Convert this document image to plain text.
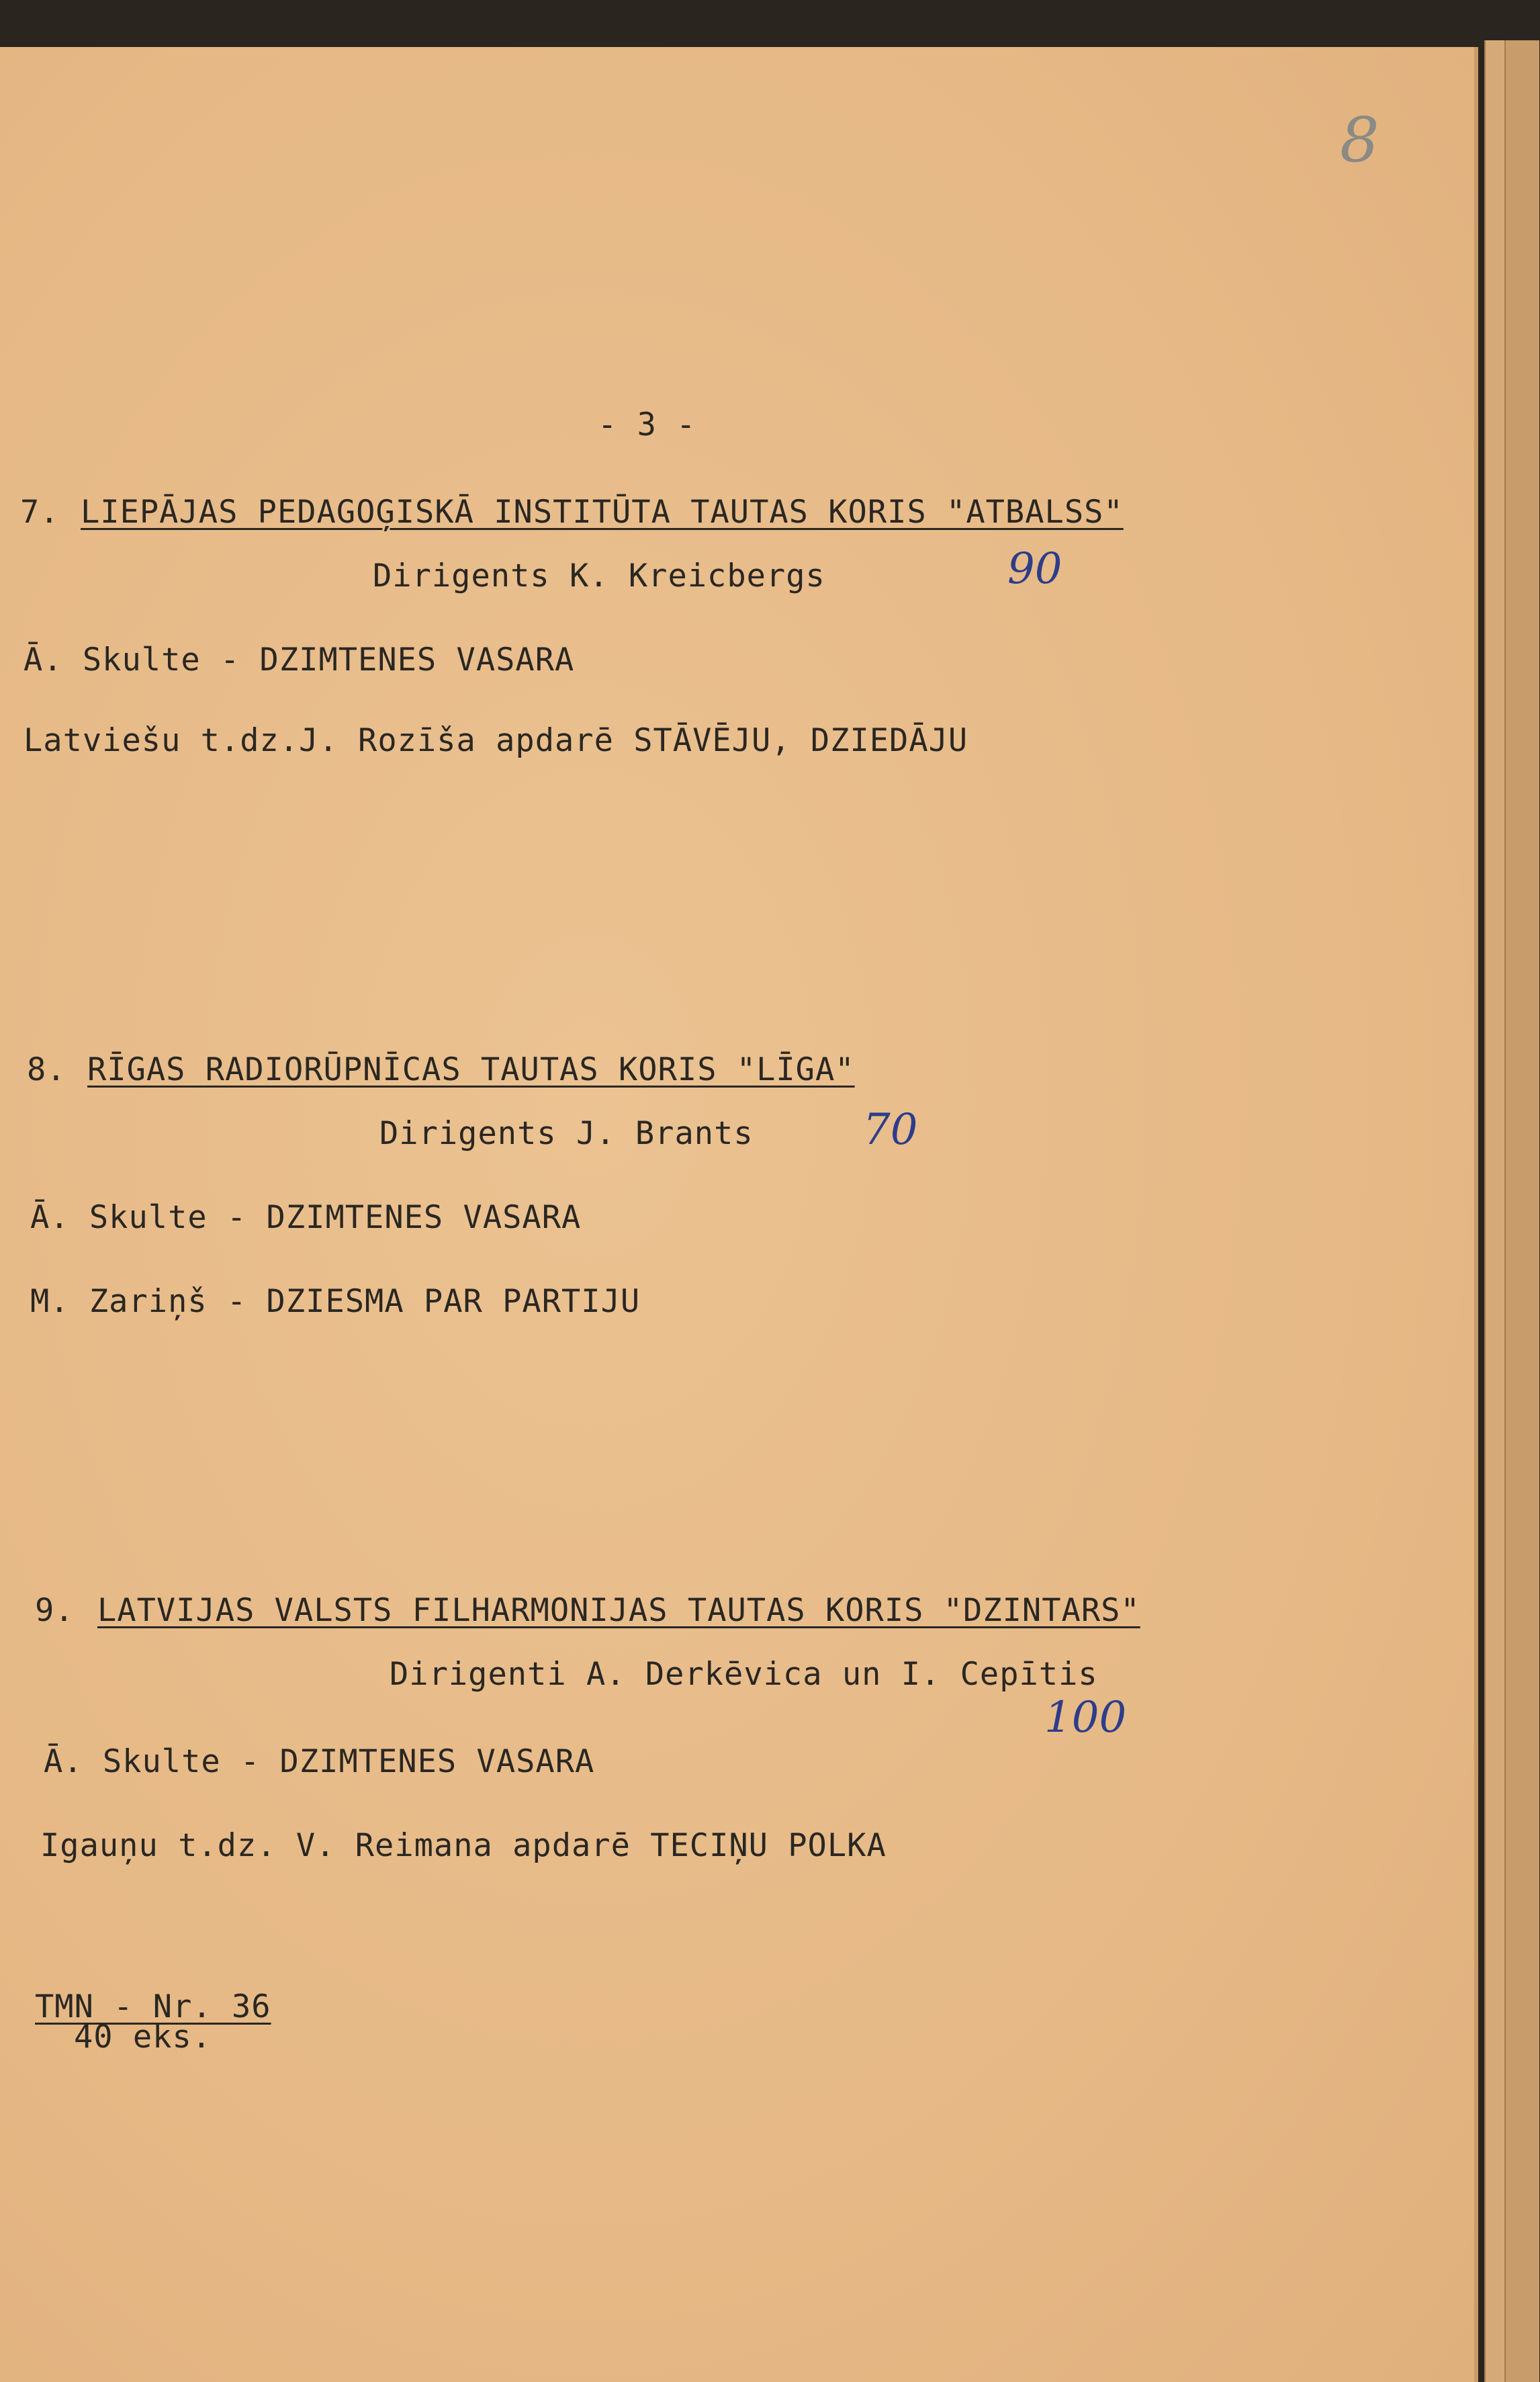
8

- 3 -

7. LIEPĀJAS PEDAGOĢISKĀ INSTITŪTA TAUTAS KORIS "ATBALSS"

Dirigents K. Kreicbergs	90

Ā. Skulte - DZIMTENES VASARA

Latviešu t.dz.J. Rozīša apdarē STĀVĒJU, DZIEDĀJU

8. RĪGAS RADIORŪPNĪCAS TAUTAS KORIS "LĪGA"

Dirigents J. Brants	70

Ā. Skulte - DZIMTENES VASARA

M. Zariņš - DZIESMA PAR PARTIJU

9. LATVIJAS VALSTS FILHARMONIJAS TAUTAS KORIS "DZINTARS"

Dirigenti A. Derkēvica un I. Cepītis

100

Ā. Skulte - DZIMTENES VASARA

Igauņu t.dz. V. Reimana apdarē TECIŅU POLKA

TMN - Nr. 36

40 eks.
